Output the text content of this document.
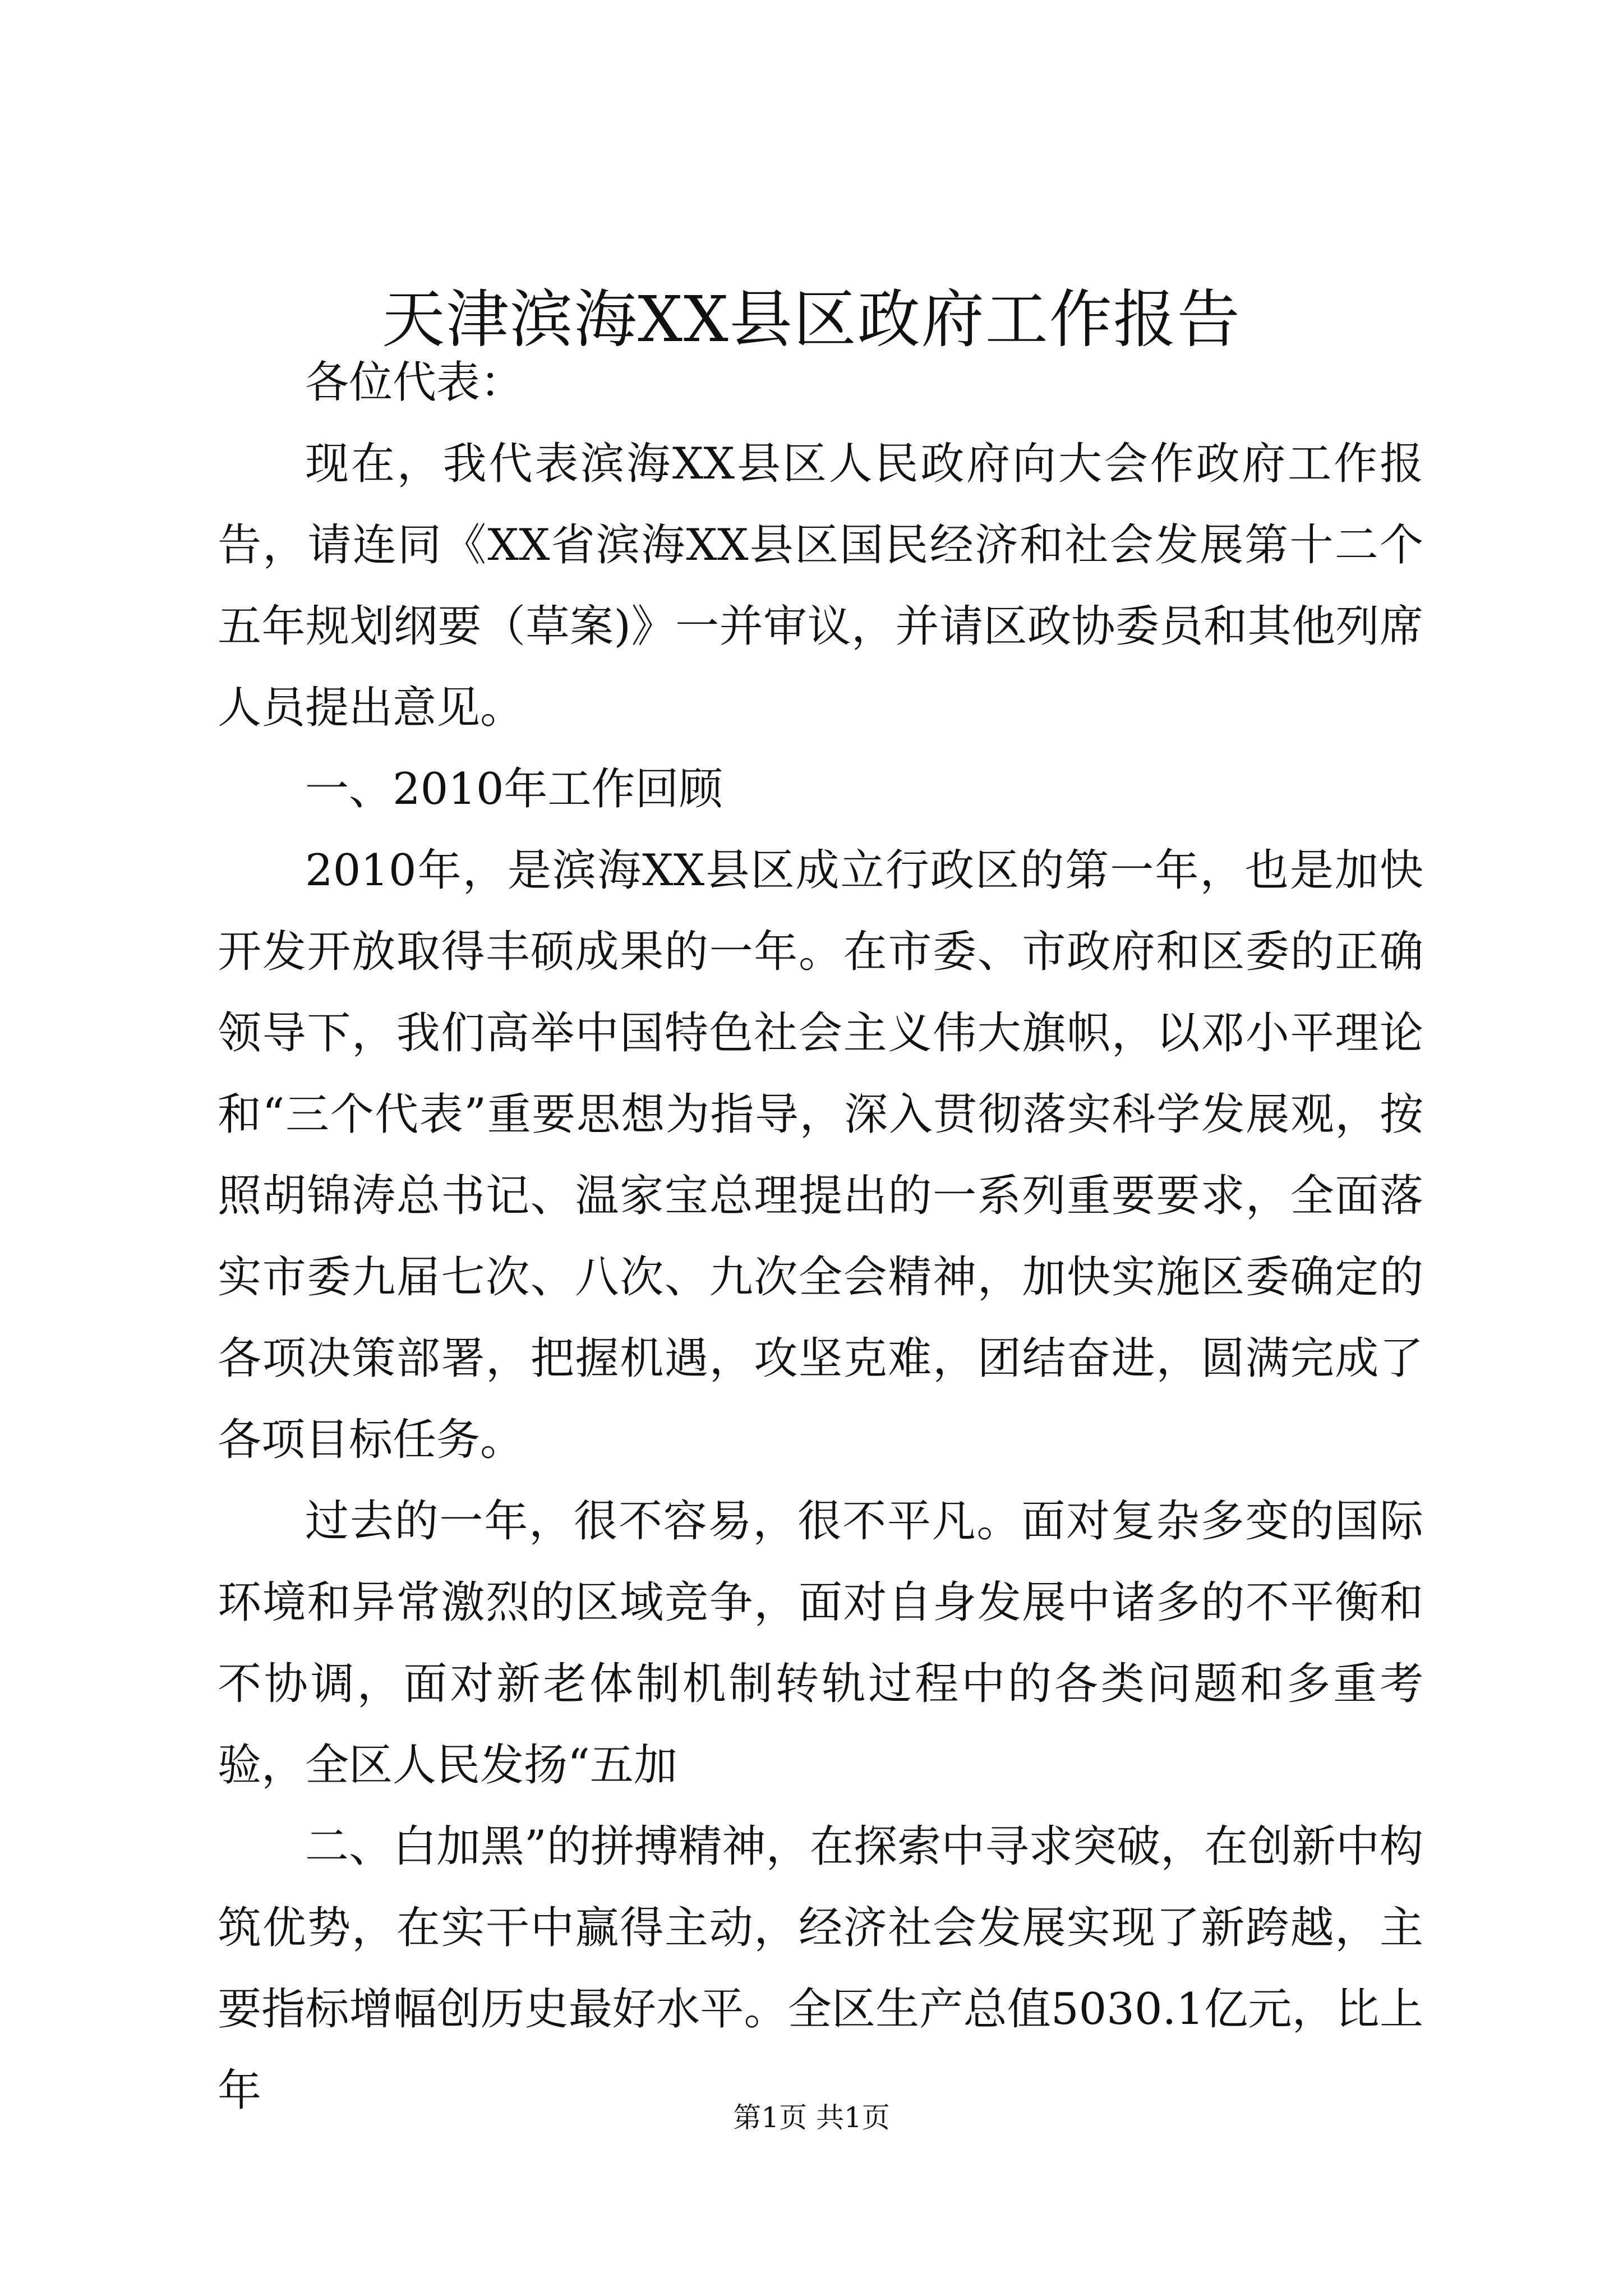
天津滨海XX县区政府工作报告

各位代表：

现在，我代表滨海XX县区人民政府向大会作政府工作报告，请连同《XX省滨海XX县区国民经济和社会发展第十二个五年规划纲要（草案)》一并审议，并请区政协委员和其他列席人员提出意见。

一、2010年工作回顾

2010年，是滨海XX县区成立行政区的第一年，也是加快开发开放取得丰硕成果的一年。在市委、市政府和区委的正确领导下，我们高举中国特色社会主义伟大旗帜，以邓小平理论和“三个代表”重要思想为指导，深入贯彻落实科学发展观，按照胡锦涛总书记、温家宝总理提出的一系列重要要求，全面落实市委九届七次、八次、九次全会精神，加快实施区委确定的各项决策部署，把握机遇，攻坚克难，团结奋进，圆满完成了各项目标任务。

过去的一年，很不容易，很不平凡。面对复杂多变的国际环境和异常激烈的区域竞争，面对自身发展中诸多的不平衡和不协调，面对新老体制机制转轨过程中的各类问题和多重考验，全区人民发扬“五加

二、白加黑”的拼搏精神，在探索中寻求突破，在创新中构筑优势，在实干中赢得主动，经济社会发展实现了新跨越，主要指标增幅创历史最好水平。全区生产总值5030.1亿元，比上年

第1页 共1页
